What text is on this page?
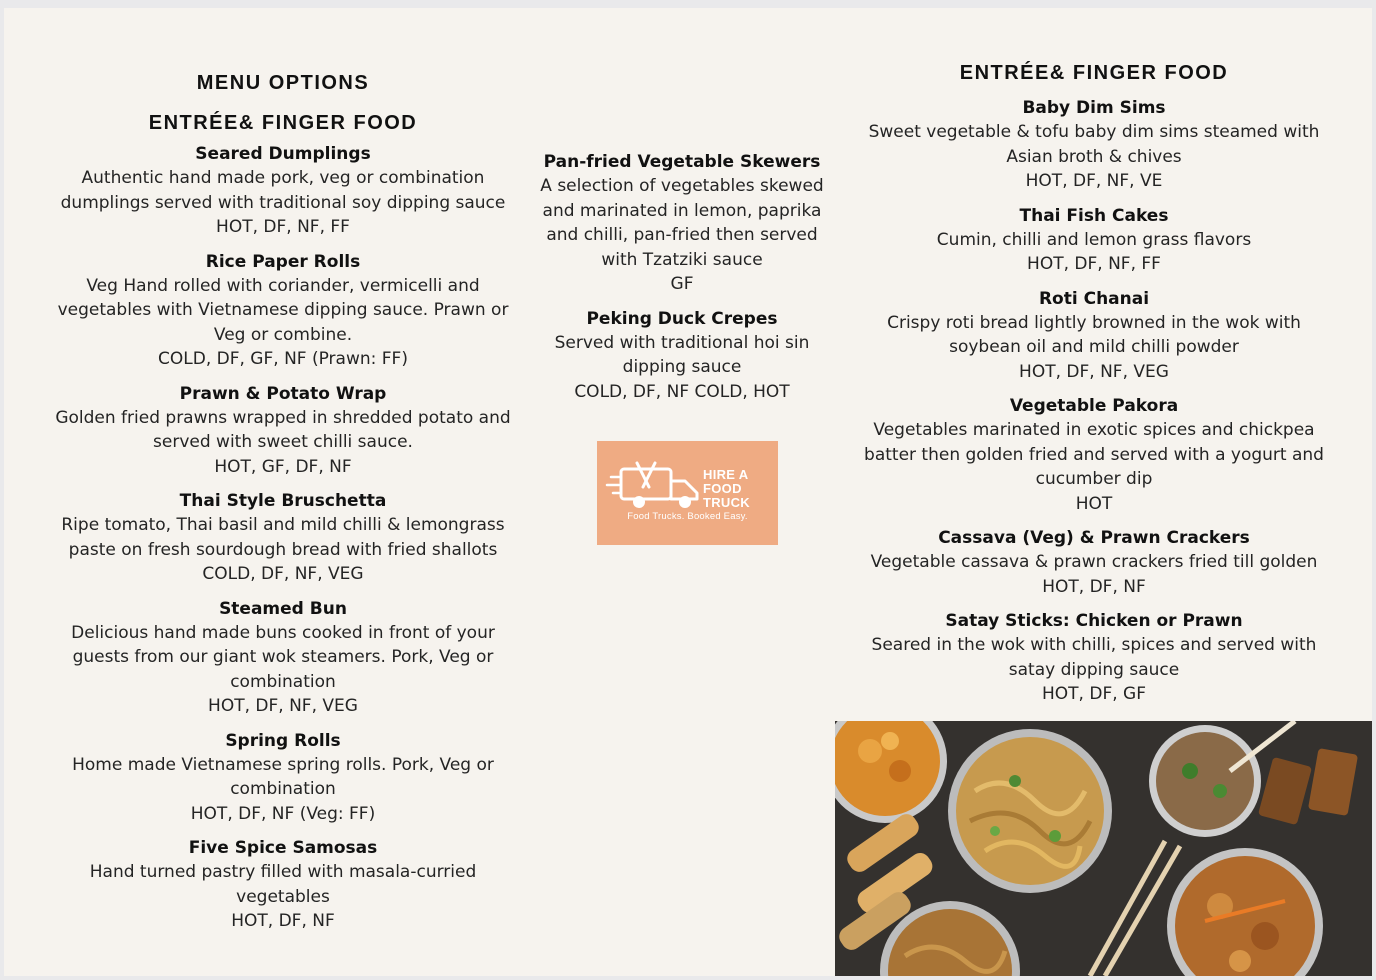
MENU OPTIONS
ENTRÉE& FINGER FOOD
Seared Dumplings
Authentic hand made pork, veg or combination dumplings served with traditional soy dipping sauce
HOT, DF, NF, FF
Rice Paper Rolls
Veg Hand rolled with coriander, vermicelli and vegetables with Vietnamese dipping sauce. Prawn or Veg or combine.
COLD, DF, GF, NF (Prawn: FF)
Prawn & Potato Wrap
Golden fried prawns wrapped in shredded potato and served with sweet chilli sauce.
HOT, GF, DF, NF
Thai Style Bruschetta
Ripe tomato, Thai basil and mild chilli & lemongrass paste on fresh sourdough bread with fried shallots
COLD, DF, NF, VEG
Steamed Bun
Delicious hand made buns cooked in front of your guests from our giant wok steamers. Pork, Veg or combination
HOT, DF, NF, VEG
Spring Rolls
Home made Vietnamese spring rolls. Pork, Veg or combination
HOT, DF, NF (Veg: FF)
Five Spice Samosas
Hand turned pastry filled with masala-curried vegetables
HOT, DF, NF
Pan-fried Vegetable Skewers
A selection of vegetables skewed and marinated in lemon, paprika and chilli, pan-fried then served with Tzatziki sauce
GF
Peking Duck Crepes
Served with traditional hoi sin dipping sauce
COLD, DF, NF COLD, HOT
HIRE A
FOOD
TRUCK
Food Trucks. Booked Easy.
ENTRÉE& FINGER FOOD
Baby Dim Sims
Sweet vegetable & tofu baby dim sims steamed with Asian broth & chives
HOT, DF, NF, VE
Thai Fish Cakes
Cumin, chilli and lemon grass flavors
HOT, DF, NF, FF
Roti Chanai
Crispy roti bread lightly browned in the wok with soybean oil and mild chilli powder
HOT, DF, NF, VEG
Vegetable Pakora
Vegetables marinated in exotic spices and chickpea batter then golden fried and served with a yogurt and cucumber dip
HOT
Cassava (Veg) & Prawn Crackers
Vegetable cassava & prawn crackers fried till golden
HOT, DF, NF
Satay Sticks: Chicken or Prawn
Seared in the wok with chilli, spices and served with satay dipping sauce
HOT, DF, GF
